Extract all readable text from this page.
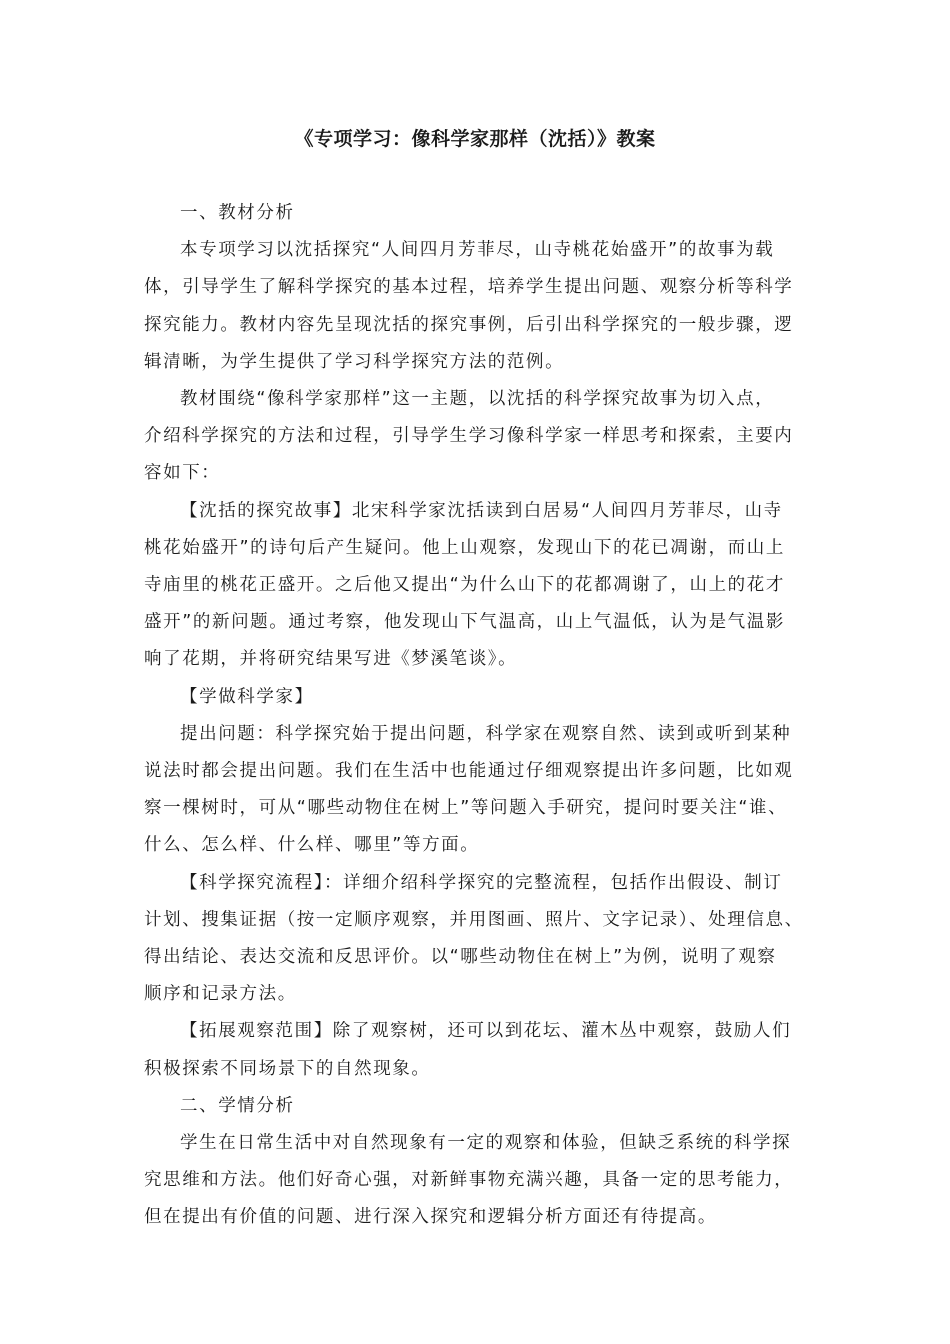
《专项学习：像科学家那样（沈括）》教案
一、教材分析
本专项学习以沈括探究“人间四月芳菲尽，山寺桃花始盛开”的故事为载
体，引导学生了解科学探究的基本过程，培养学生提出问题、观察分析等科学
探究能力。教材内容先呈现沈括的探究事例，后引出科学探究的一般步骤，逻
辑清晰，为学生提供了学习科学探究方法的范例。
教材围绕“像科学家那样”这一主题，以沈括的科学探究故事为切入点，
介绍科学探究的方法和过程，引导学生学习像科学家一样思考和探索，主要内
容如下：
【沈括的探究故事】北宋科学家沈括读到白居易“人间四月芳菲尽，山寺
桃花始盛开”的诗句后产生疑问。他上山观察，发现山下的花已凋谢，而山上
寺庙里的桃花正盛开。之后他又提出“为什么山下的花都凋谢了，山上的花才
盛开”的新问题。通过考察，他发现山下气温高，山上气温低，认为是气温影
响了花期，并将研究结果写进《梦溪笔谈》。
【学做科学家】
提出问题：科学探究始于提出问题，科学家在观察自然、读到或听到某种
说法时都会提出问题。我们在生活中也能通过仔细观察提出许多问题，比如观
察一棵树时，可从“哪些动物住在树上”等问题入手研究，提问时要关注“谁、
什么、怎么样、什么样、哪里”等方面。
【科学探究流程】：详细介绍科学探究的完整流程，包括作出假设、制订
计划、搜集证据（按一定顺序观察，并用图画、照片、文字记录）、处理信息、
得出结论、表达交流和反思评价。以“哪些动物住在树上”为例，说明了观察
顺序和记录方法。
【拓展观察范围】除了观察树，还可以到花坛、灌木丛中观察，鼓励人们
积极探索不同场景下的自然现象。
二、学情分析
学生在日常生活中对自然现象有一定的观察和体验，但缺乏系统的科学探
究思维和方法。他们好奇心强，对新鲜事物充满兴趣，具备一定的思考能力，
但在提出有价值的问题、进行深入探究和逻辑分析方面还有待提高。
